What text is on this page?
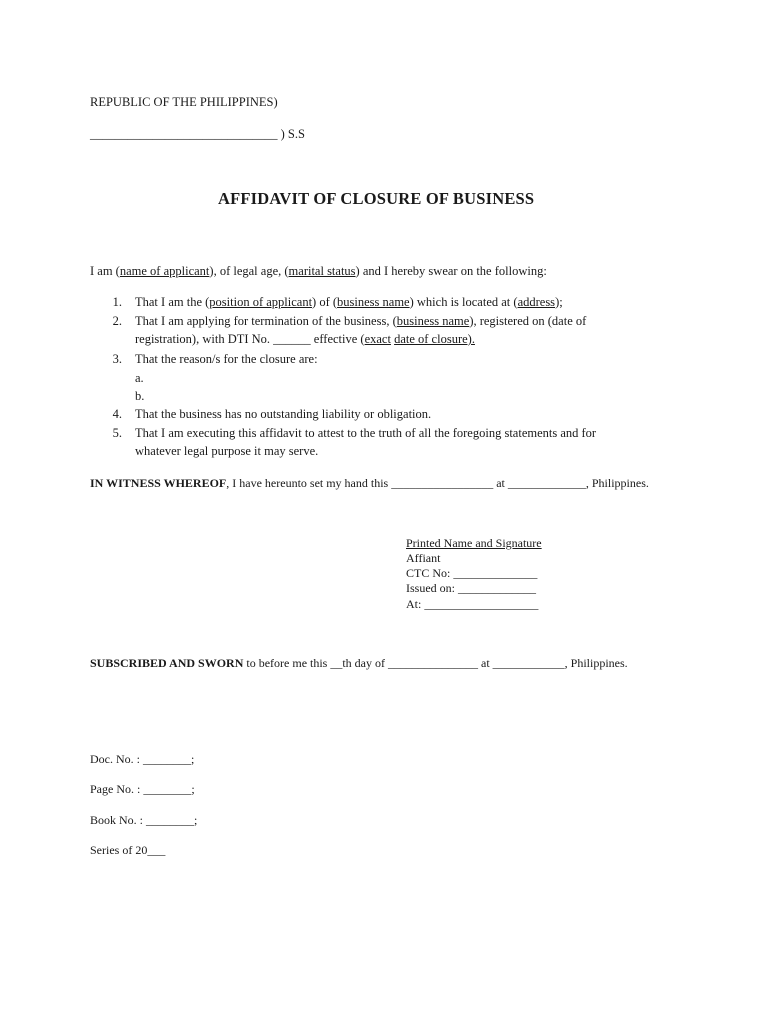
REPUBLIC OF THE PHILIPPINES)
______________________________ ) S.S
AFFIDAVIT OF CLOSURE OF BUSINESS
I am (name of applicant), of legal age, (marital status) and I hereby swear on the following:
1. That I am the (position of applicant) of (business name) which is located at (address);
2. That I am applying for termination of the business, (business name), registered on (date of
registration), with DTI No. ______ effective (exact date of closure).
3. That the reason/s for the closure are:
a.
b.
4. That the business has no outstanding liability or obligation.
5. That I am executing this affidavit to attest to the truth of all the foregoing statements and for
whatever legal purpose it may serve.
IN WITNESS WHEREOF, I have hereunto set my hand this _________________ at _____________, Philippines.
Printed Name and Signature
Affiant
CTC No: ______________
Issued on: _____________
At: ___________________
SUBSCRIBED AND SWORN to before me this __th day of _______________ at ____________, Philippines.
Doc. No. : ________;
Page No. : ________;
Book No. : ________;
Series of 20___
